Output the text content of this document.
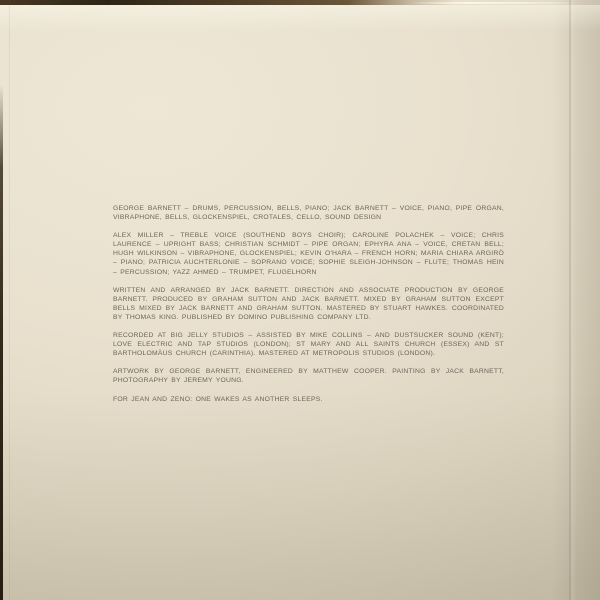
GEORGE BARNETT – DRUMS, PERCUSSION, BELLS, PIANO; JACK BARNETT – VOICE, PIANO, PIPE ORGAN, VIBRAPHONE, BELLS, GLOCKENSPIEL, CROTALES, CELLO, SOUND DESIGN

ALEX MILLER – TREBLE VOICE (SOUTHEND BOYS CHOIR); CAROLINE POLACHEK – VOICE; CHRIS LAURENCE – UPRIGHT BASS; CHRISTIAN SCHMIDT – PIPE ORGAN; EPHYRA ANA – VOICE, CRETAN BELL; HUGH WILKINSON – VIBRAPHONE, GLOCKENSPIEL; KEVIN O'HARA – FRENCH HORN; MARIA CHIARA ARGIRÒ – PIANO; PATRICIA AUCHTERLONIE – SOPRANO VOICE; SOPHIE SLEIGH-JOHNSON – FLUTE; THOMAS HEIN – PERCUSSION; YAZZ AHMED – TRUMPET, FLUGELHORN

WRITTEN AND ARRANGED BY JACK BARNETT. DIRECTION AND ASSOCIATE PRODUCTION BY GEORGE BARNETT. PRODUCED BY GRAHAM SUTTON AND JACK BARNETT. MIXED BY GRAHAM SUTTON EXCEPT BELLS MIXED BY JACK BARNETT AND GRAHAM SUTTON. MASTERED BY STUART HAWKES. COORDINATED BY THOMAS KING. PUBLISHED BY DOMINO PUBLISHING COMPANY LTD.

RECORDED AT BIG JELLY STUDIOS – ASSISTED BY MIKE COLLINS – AND DUSTSUCKER SOUND (KENT); LOVE ELECTRIC AND TAP STUDIOS (LONDON); ST MARY AND ALL SAINTS CHURCH (ESSEX) AND ST BARTHOLOMÄUS CHURCH (CARINTHIA). MASTERED AT METROPOLIS STUDIOS (LONDON).

ARTWORK BY GEORGE BARNETT, ENGINEERED BY MATTHEW COOPER. PAINTING BY JACK BARNETT, PHOTOGRAPHY BY JEREMY YOUNG.

FOR JEAN AND ZENO: ONE WAKES AS ANOTHER SLEEPS.
